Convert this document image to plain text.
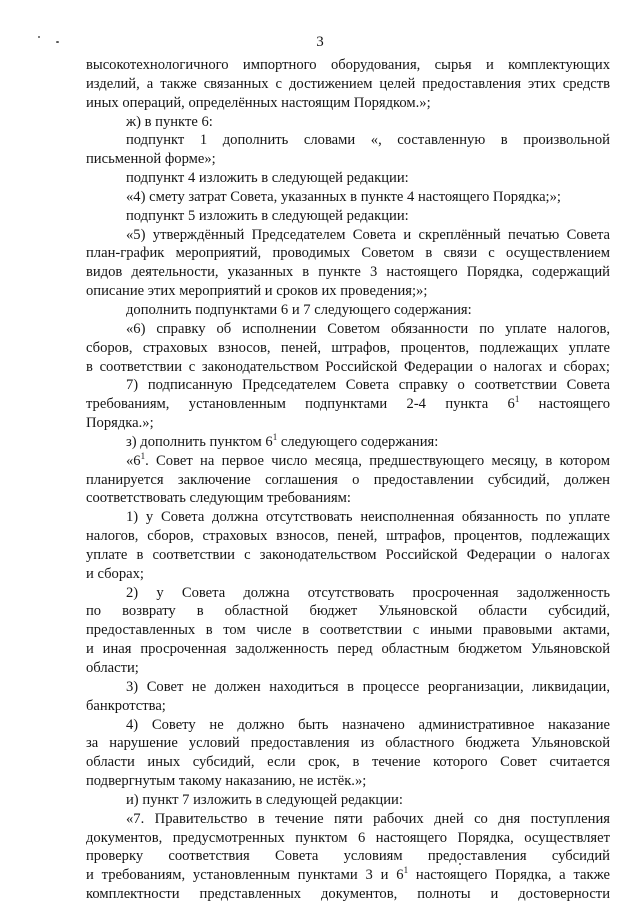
3
высокотехнологичного импортного оборудования, сырья и комплектующих
изделий, а также связанных с достижением целей предоставления этих средств
иных операций, определённых настоящим Порядком.»;
ж) в пункте 6:
подпункт 1 дополнить словами «, составленную в произвольной
письменной форме»;
подпункт 4 изложить в следующей редакции:
«4) смету затрат Совета, указанных в пункте 4 настоящего Порядка;»;
подпункт 5 изложить в следующей редакции:
«5) утверждённый Председателем Совета и скреплённый печатью Совета
план-график мероприятий, проводимых Советом в связи с осуществлением
видов деятельности, указанных в пункте 3 настоящего Порядка, содержащий
описание этих мероприятий и сроков их проведения;»;
дополнить подпунктами 6 и 7 следующего содержания:
«6) справку об исполнении Советом обязанности по уплате налогов,
сборов, страховых взносов, пеней, штрафов, процентов, подлежащих уплате
в соответствии с законодательством Российской Федерации о налогах и сборах;
7) подписанную Председателем Совета справку о соответствии Совета
требованиям, установленным подпунктами 2-4 пункта $6^1$ настоящего
Порядка.»;
з) дополнить пунктом $6^1$ следующего содержания:
«$6^1$. Совет на первое число месяца, предшествующего месяцу, в котором
планируется заключение соглашения о предоставлении субсидий, должен
соответствовать следующим требованиям:
1) у Совета должна отсутствовать неисполненная обязанность по уплате
налогов, сборов, страховых взносов, пеней, штрафов, процентов, подлежащих
уплате в соответствии с законодательством Российской Федерации о налогах
и сборах;
2) у Совета должна отсутствовать просроченная задолженность
по возврату в областной бюджет Ульяновской области субсидий,
предоставленных в том числе в соответствии с иными правовыми актами,
и иная просроченная задолженность перед областным бюджетом Ульяновской
области;
3) Совет не должен находиться в процессе реорганизации, ликвидации,
банкротства;
4) Совету не должно быть назначено административное наказание
за нарушение условий предоставления из областного бюджета Ульяновской
области иных субсидий, если срок, в течение которого Совет считается
подвергнутым такому наказанию, не истёк.»;
и) пункт 7 изложить в следующей редакции:
«7. Правительство в течение пяти рабочих дней со дня поступления
документов, предусмотренных пунктом 6 настоящего Порядка, осуществляет
проверку соответствия Совета условиям предоставления субсидий
и требованиям, установленным пунктами 3 и $6^1$ настоящего Порядка, а также
комплектности представленных документов, полноты и достоверности
